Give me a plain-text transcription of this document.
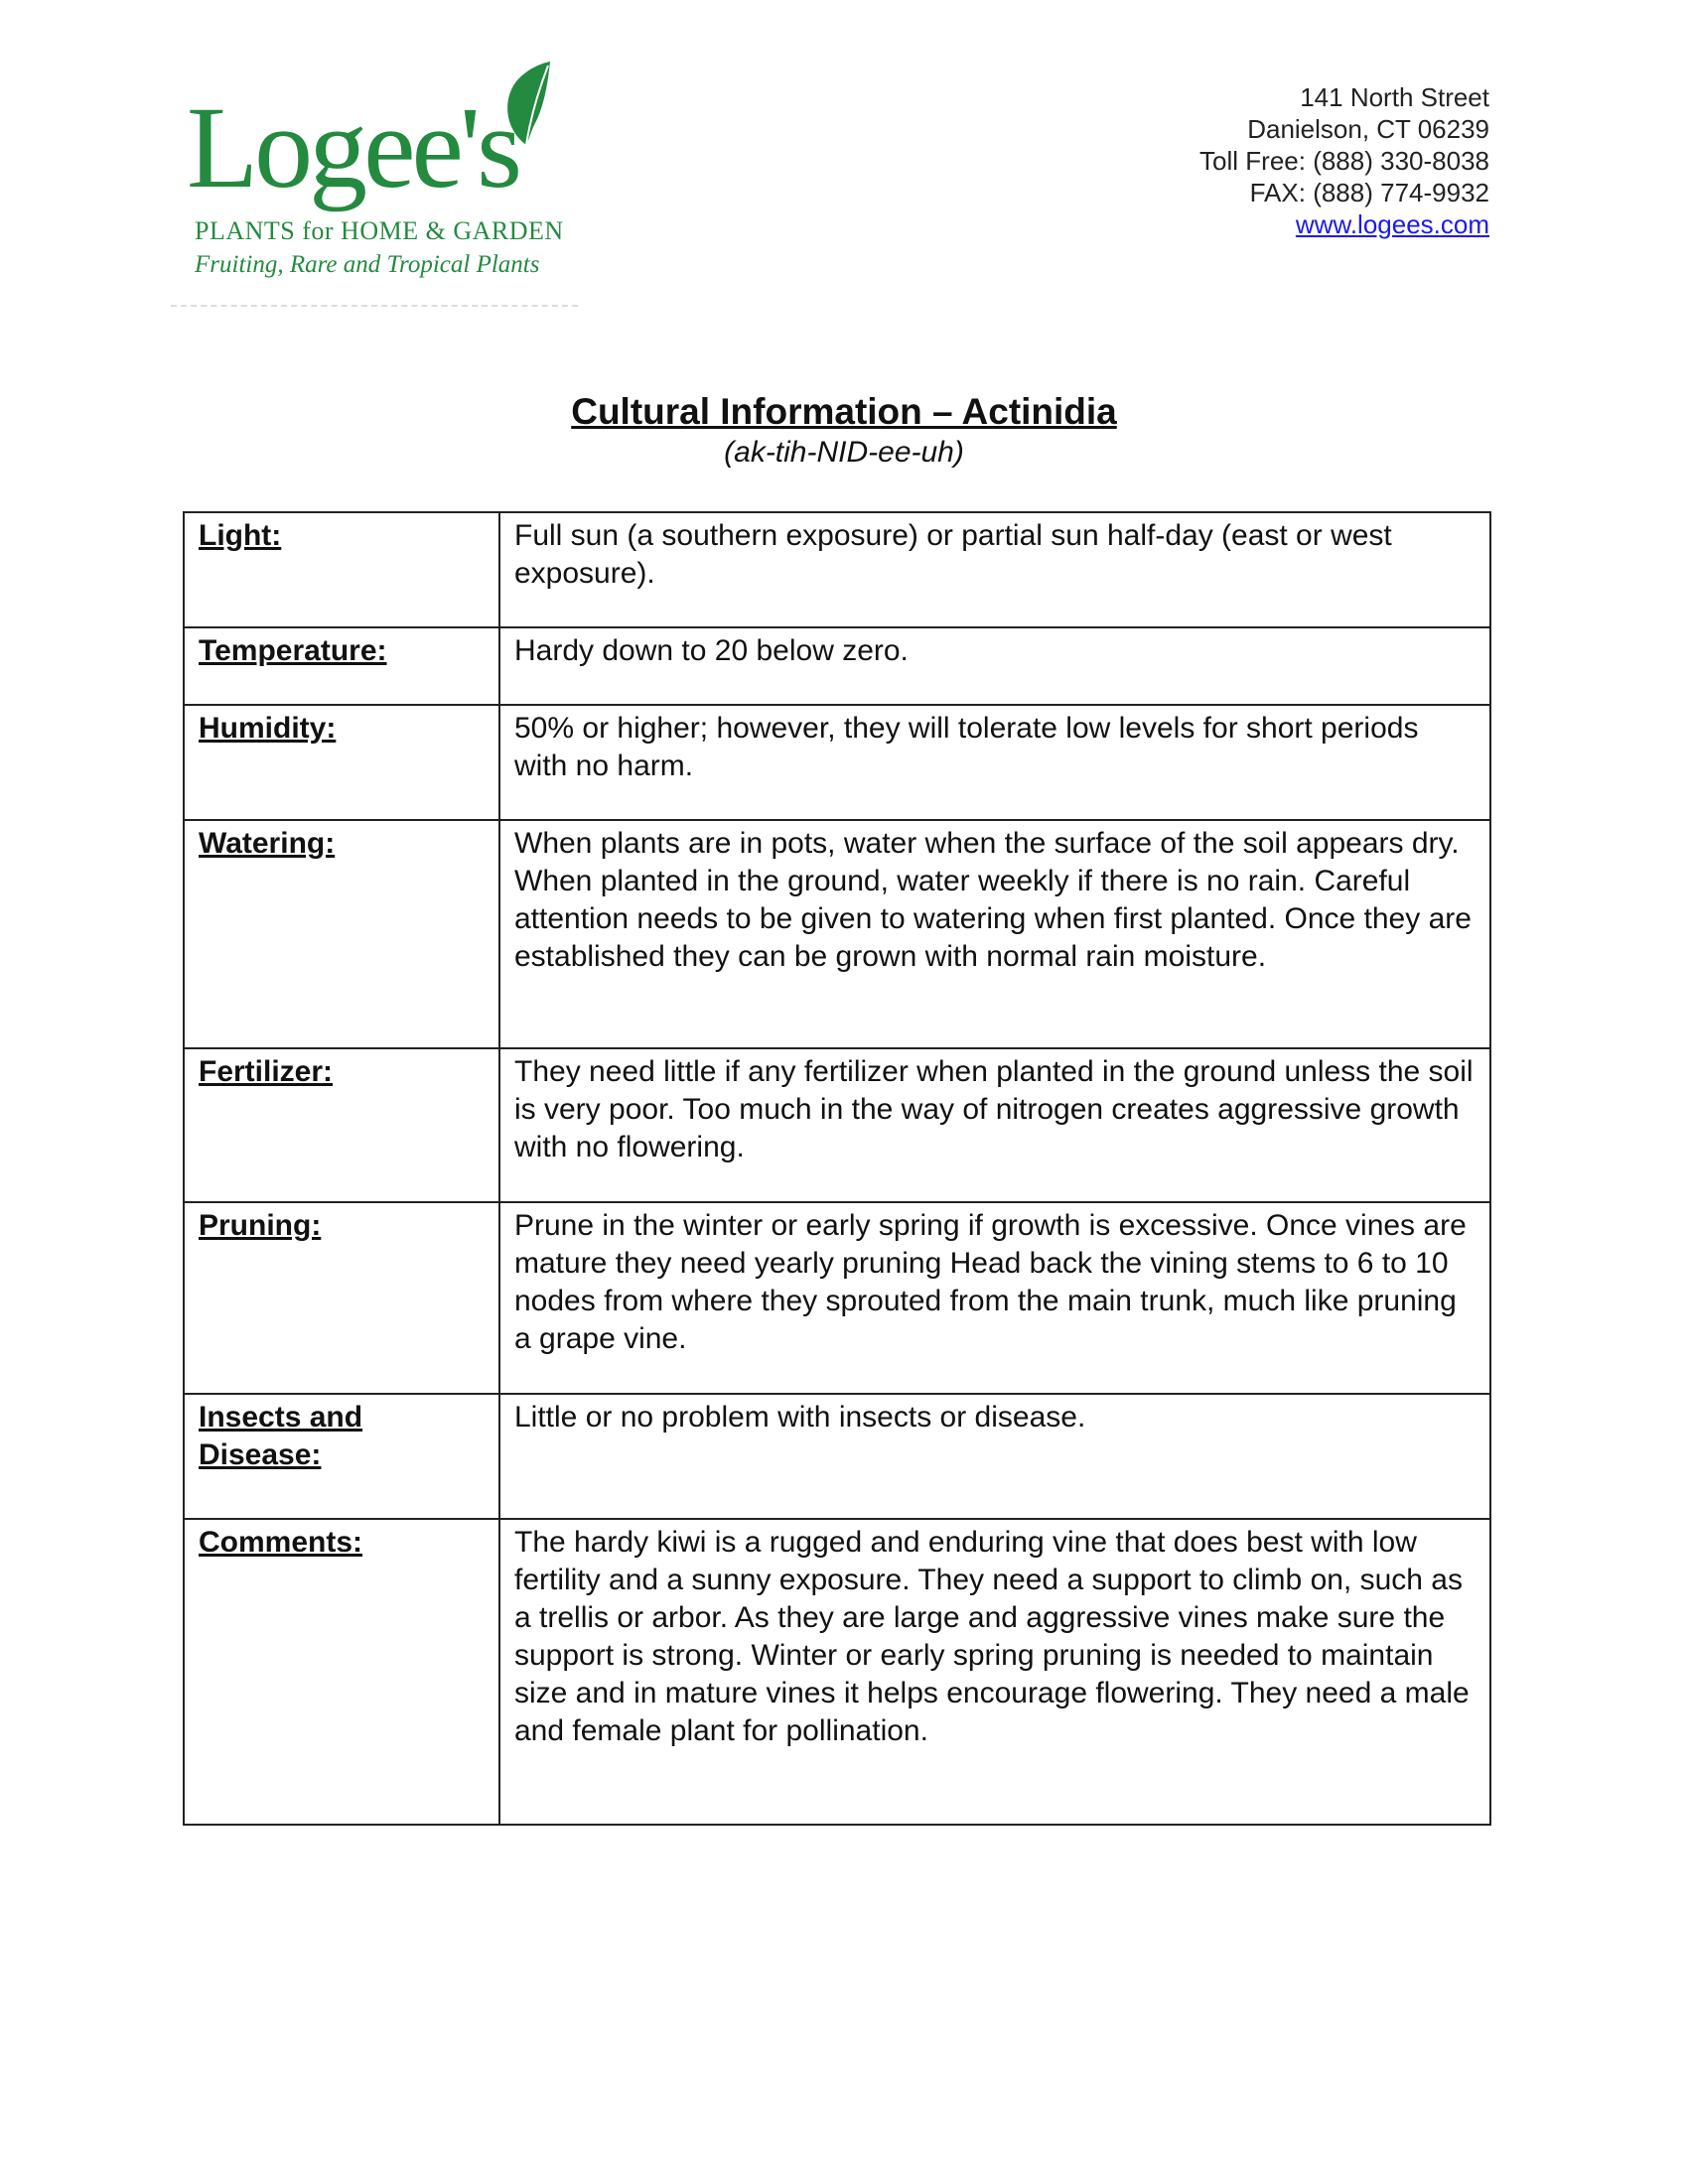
Logee's
PLANTS for HOME & GARDEN
Fruiting, Rare and Tropical Plants
141 North Street
Danielson, CT 06239
Toll Free: (888) 330-8038
FAX: (888) 774-9932
www.logees.com
Cultural Information – Actinidia
(ak-tih-NID-ee-uh)
Light:	Full sun (a southern exposure) or partial sun half-day (east or west exposure).
Temperature:	Hardy down to 20 below zero.
Humidity:	50% or higher; however, they will tolerate low levels for short periods with no harm.
Watering:	When plants are in pots, water when the surface of the soil appears dry. When planted in the ground, water weekly if there is no rain. Careful attention needs to be given to watering when first planted. Once they are established they can be grown with normal rain moisture.
Fertilizer:	They need little if any fertilizer when planted in the ground unless the soil is very poor. Too much in the way of nitrogen creates aggressive growth with no flowering.
Pruning:	Prune in the winter or early spring if growth is excessive. Once vines are mature they need yearly pruning Head back the vining stems to 6 to 10 nodes from where they sprouted from the main trunk, much like pruning a grape vine.
Insects and Disease:	Little or no problem with insects or disease.
Comments:	The hardy kiwi is a rugged and enduring vine that does best with low fertility and a sunny exposure. They need a support to climb on, such as a trellis or arbor. As they are large and aggressive vines make sure the support is strong. Winter or early spring pruning is needed to maintain size and in mature vines it helps encourage flowering. They need a male and female plant for pollination.
